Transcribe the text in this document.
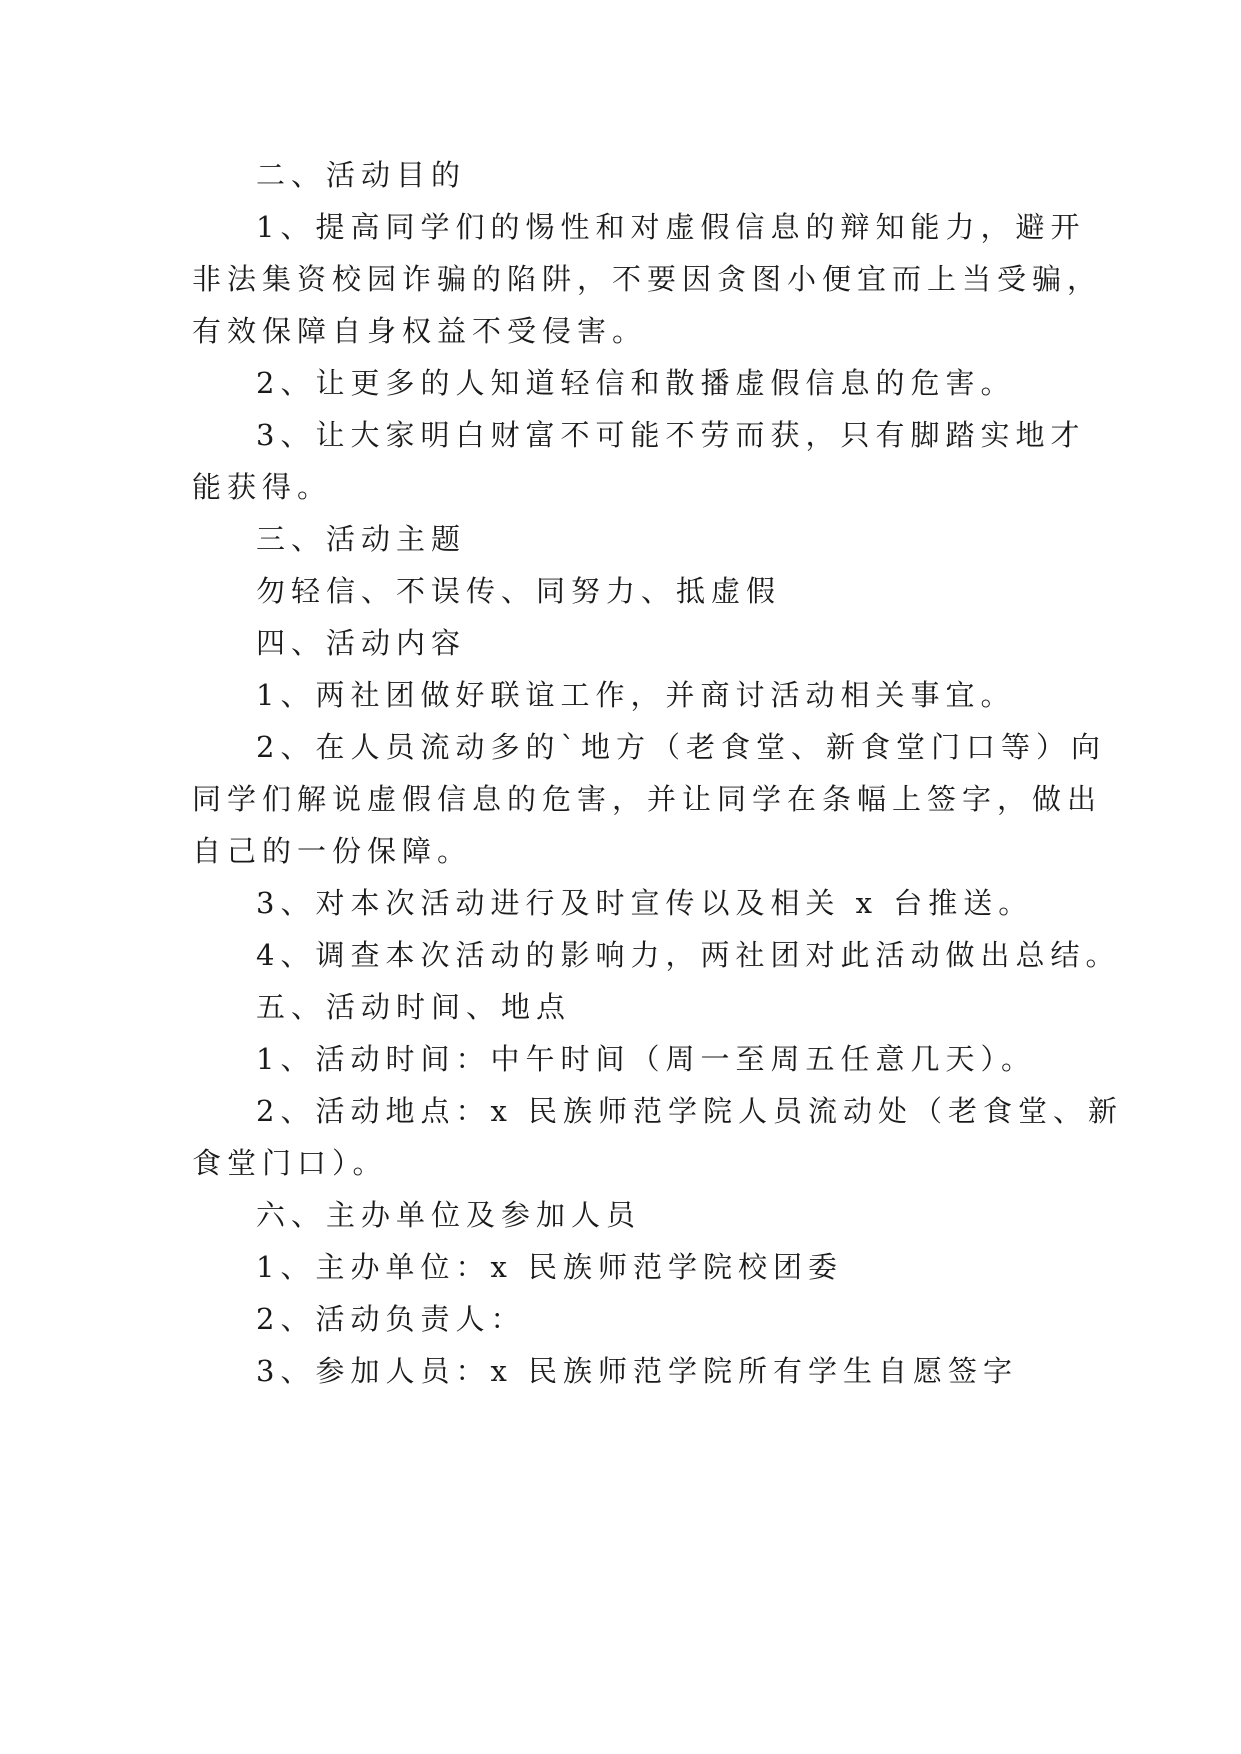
二、活动目的
1、提高同学们的惕性和对虚假信息的辩知能力，避开
非法集资校园诈骗的陷阱，不要因贪图小便宜而上当受骗，
有效保障自身权益不受侵害。
2、让更多的人知道轻信和散播虚假信息的危害。
3、让大家明白财富不可能不劳而获，只有脚踏实地才
能获得。
三、活动主题
勿轻信、不误传、同努力、抵虚假
四、活动内容
1、两社团做好联谊工作，并商讨活动相关事宜。
2、在人员流动多的`地方（老食堂、新食堂门口等）向
同学们解说虚假信息的危害，并让同学在条幅上签字，做出
自己的一份保障。
3、对本次活动进行及时宣传以及相关 x 台推送。
4、调查本次活动的影响力，两社团对此活动做出总结。
五、活动时间、地点
1、活动时间：中午时间（周一至周五任意几天）。
2、活动地点：x 民族师范学院人员流动处（老食堂、新
食堂门口）。
六、主办单位及参加人员
1、主办单位：x 民族师范学院校团委
2、活动负责人：
3、参加人员：x 民族师范学院所有学生自愿签字
